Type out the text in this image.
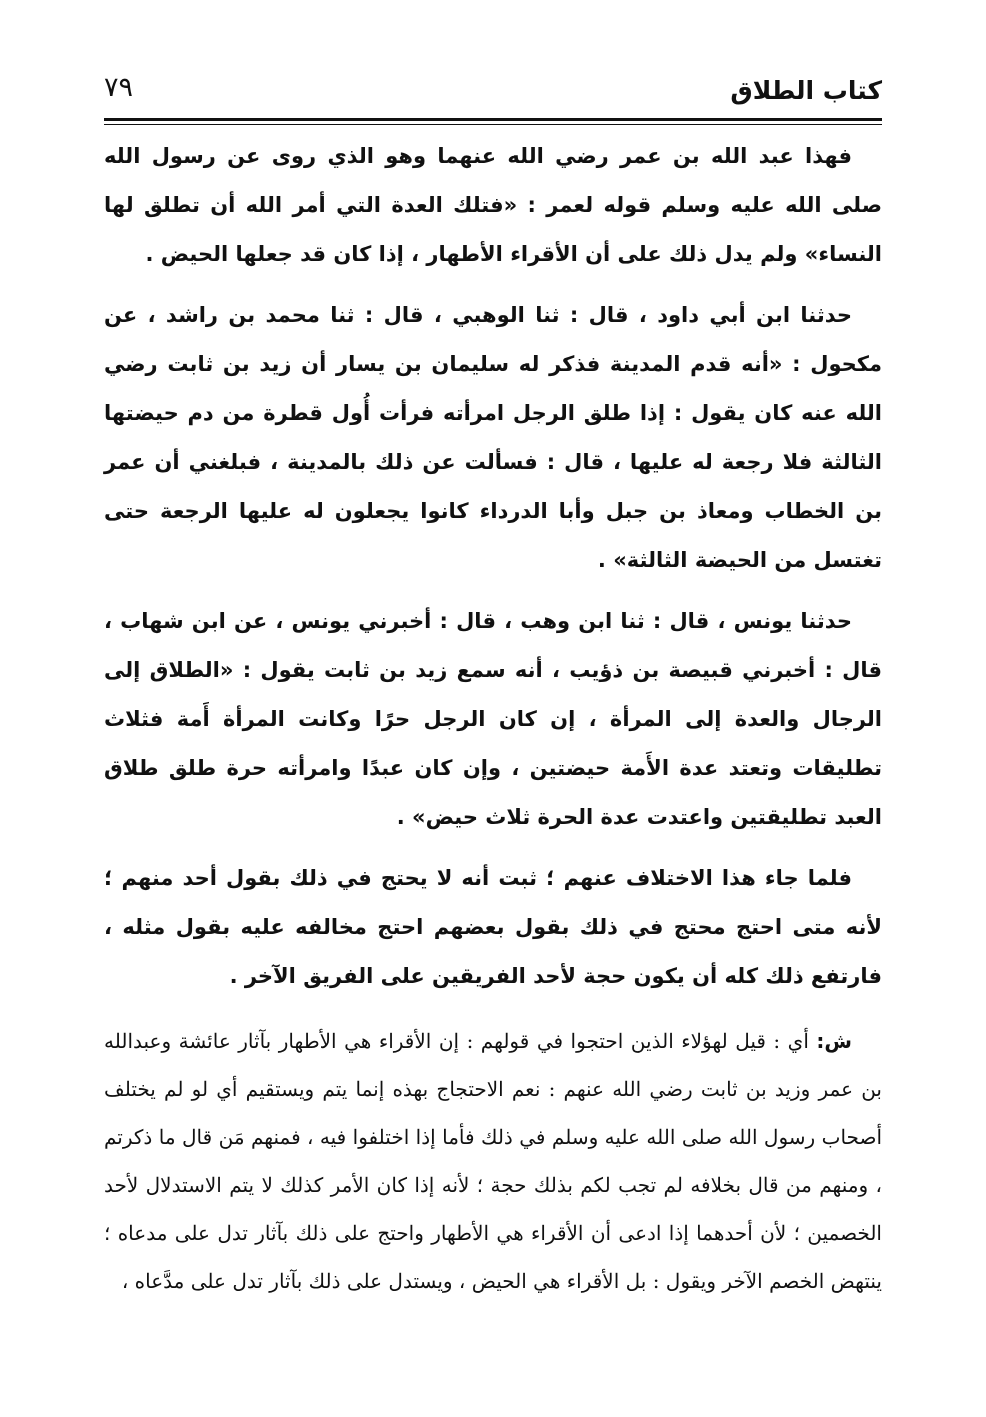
كتاب الطلاق
٧٩

فهذا عبد الله بن عمر رضي الله عنهما وهو الذي روى عن رسول الله صلى الله عليه وسلم قوله لعمر : «فتلك العدة التي أمر الله أن تطلق لها النساء» ولم يدل ذلك على أن الأقراء الأطهار ، إذا كان قد جعلها الحيض .

حدثنا ابن أبي داود ، قال : ثنا الوهبي ، قال : ثنا محمد بن راشد ، عن مكحول : «أنه قدم المدينة فذكر له سليمان بن يسار أن زيد بن ثابت رضي الله عنه كان يقول : إذا طلق الرجل امرأته فرأت أُول قطرة من دم حيضتها الثالثة فلا رجعة له عليها ، قال : فسألت عن ذلك بالمدينة ، فبلغني أن عمر بن الخطاب ومعاذ بن جبل وأبا الدرداء كانوا يجعلون له عليها الرجعة حتى تغتسل من الحيضة الثالثة» .

حدثنا يونس ، قال : ثنا ابن وهب ، قال : أخبرني يونس ، عن ابن شهاب ، قال : أخبرني قبيصة بن ذؤيب ، أنه سمع زيد بن ثابت يقول : «الطلاق إلى الرجال والعدة إلى المرأة ، إن كان الرجل حرًا وكانت المرأة أَمة فثلاث تطليقات وتعتد عدة الأَمة حيضتين ، وإن كان عبدًا وامرأته حرة طلق طلاق العبد تطليقتين واعتدت عدة الحرة ثلاث حيض» .

فلما جاء هذا الاختلاف عنهم ؛ ثبت أنه لا يحتج في ذلك بقول أحد منهم ؛ لأنه متى احتج محتج في ذلك بقول بعضهم احتج مخالفه عليه بقول مثله ، فارتفع ذلك كله أن يكون حجة لأحد الفريقين على الفريق الآخر .

ش: أي : قيل لهؤلاء الذين احتجوا في قولهم : إن الأقراء هي الأطهار بآثار عائشة وعبدالله بن عمر وزيد بن ثابت رضي الله عنهم : نعم الاحتجاج بهذه إنما يتم ويستقيم أي لو لم يختلف أصحاب رسول الله صلى الله عليه وسلم في ذلك فأما إذا اختلفوا فيه ، فمنهم مَن قال ما ذكرتم ، ومنهم من قال بخلافه لم تجب لكم بذلك حجة ؛ لأنه إذا كان الأمر كذلك لا يتم الاستدلال لأحد الخصمين ؛ لأن أحدهما إذا ادعى أن الأقراء هي الأطهار واحتج على ذلك بآثار تدل على مدعاه ؛ ينتهض الخصم الآخر ويقول : بل الأقراء هي الحيض ، ويستدل على ذلك بآثار تدل على مدَّعاه ،
